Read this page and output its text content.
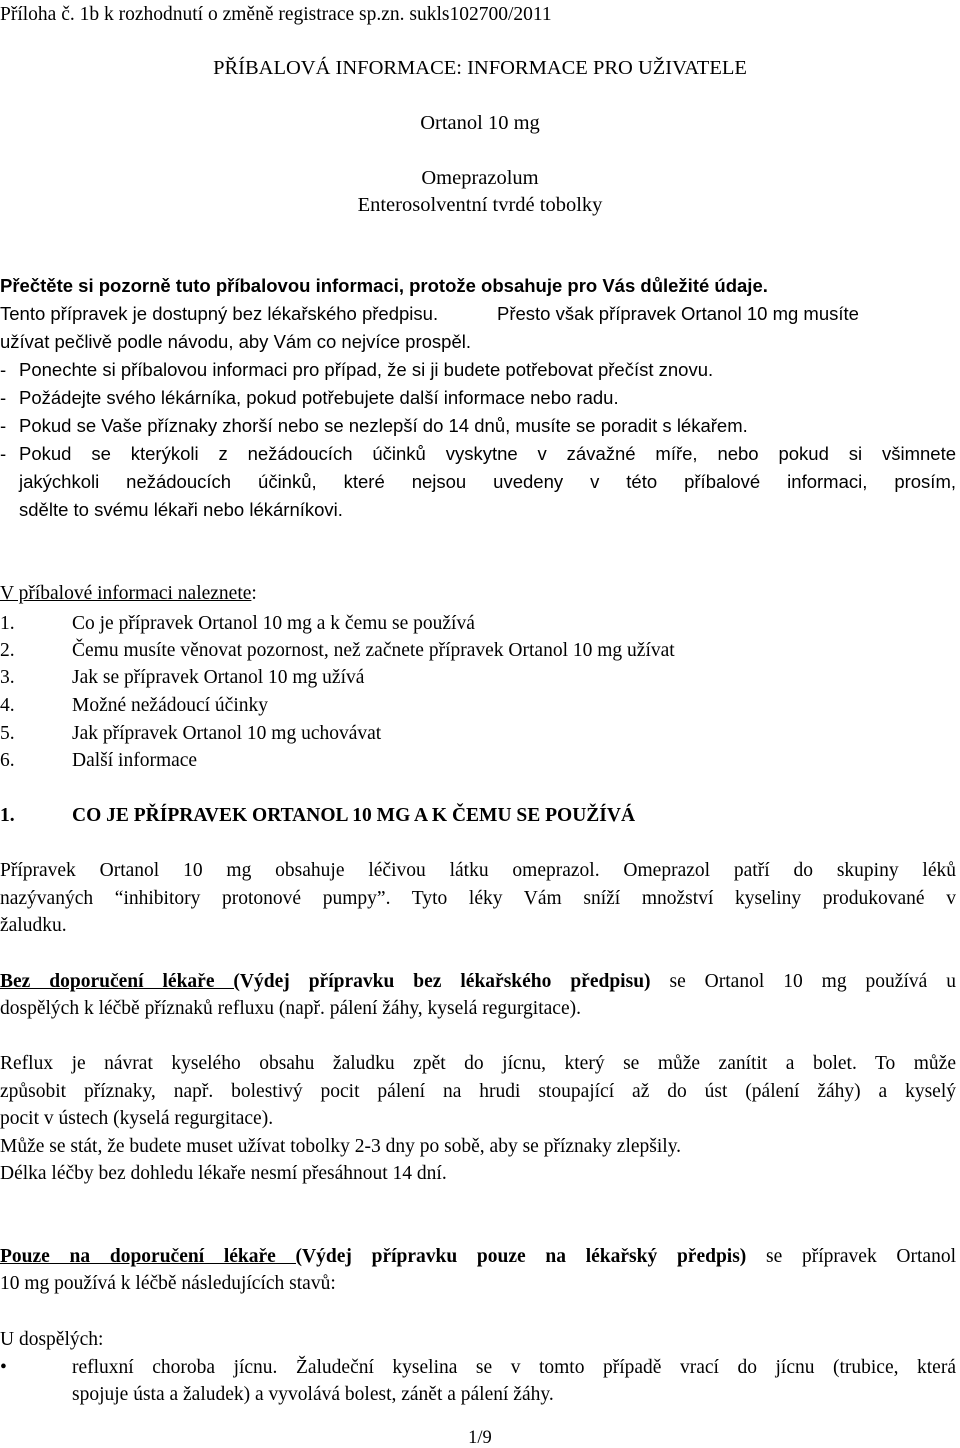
Příloha č. 1b k rozhodnutí o změně registrace sp.zn. sukls102700/2011
PŘÍBALOVÁ INFORMACE: INFORMACE PRO UŽIVATELE
Ortanol 10 mg
Omeprazolum
Enterosolventní tvrdé tobolky
Přečtěte si pozorně tuto příbalovou informaci, protože obsahuje pro Vás důležité údaje.
Tento přípravek je dostupný bez lékařského předpisu.	Přesto však přípravek Ortanol 10 mg musíte
užívat pečlivě podle návodu, aby Vám co nejvíce prospěl.
- Ponechte si příbalovou informaci pro případ, že si ji budete potřebovat přečíst znovu.
- Požádejte svého lékárníka, pokud potřebujete další informace nebo radu.
- Pokud se Vaše příznaky zhorší nebo se nezlepší do 14 dnů, musíte se poradit s lékařem.
- Pokud se kterýkoli z nežádoucích účinků vyskytne v závažné míře, nebo pokud si všimnete
jakýchkoli nežádoucích účinků, které nejsou uvedeny v této příbalové informaci, prosím,
sdělte to svému lékaři nebo lékárníkovi.
V příbalové informaci naleznete:
1.	Co je přípravek Ortanol 10 mg a k čemu se používá
2.	Čemu musíte věnovat pozornost, než začnete přípravek Ortanol 10 mg užívat
3.	Jak se přípravek Ortanol 10 mg užívá
4.	Možné nežádoucí účinky
5.	Jak přípravek Ortanol 10 mg uchovávat
6.	Další informace
1.	CO JE PŘÍPRAVEK ORTANOL 10 MG A K ČEMU SE POUŽÍVÁ
Přípravek Ortanol 10 mg obsahuje léčivou látku omeprazol. Omeprazol patří do skupiny léků
nazývaných “inhibitory protonové pumpy”. Tyto léky Vám sníží množství kyseliny produkované v
žaludku.
Bez doporučení lékaře (Výdej přípravku bez lékařského předpisu) se Ortanol 10 mg používá u
dospělých k léčbě příznaků refluxu (např. pálení žáhy, kyselá regurgitace).
Reflux je návrat kyselého obsahu žaludku zpět do jícnu, který se může zanítit a bolet. To může
způsobit příznaky, např. bolestivý pocit pálení na hrudi stoupající až do úst (pálení žáhy) a kyselý
pocit v ústech (kyselá regurgitace).
Může se stát, že budete muset užívat tobolky 2-3 dny po sobě, aby se příznaky zlepšily.
Délka léčby bez dohledu lékaře nesmí přesáhnout 14 dní.
Pouze na doporučení lékaře (Výdej přípravku pouze na lékařský předpis) se přípravek Ortanol
10 mg používá k léčbě následujících stavů:
U dospělých:
•	refluxní choroba jícnu. Žaludeční kyselina se v tomto případě vrací do jícnu (trubice, která
spojuje ústa a žaludek) a vyvolává bolest, zánět a pálení žáhy.
1/9
